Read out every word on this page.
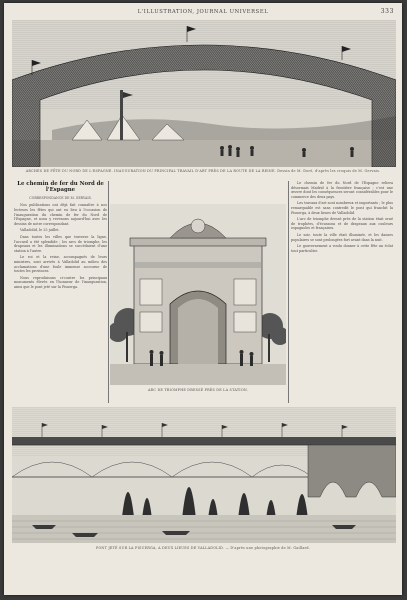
L'ILLUSTRATION, JOURNAL UNIVERSEL	333
ARCHES DE FÊTE DU NORD DE L'ESPAGNE. INAUGURATION DU PRINCIPAL TRAVAIL D'ART PRÈS DE LA ROUTE DE LA REINE. Dessin de M. Doré, d'après les croquis de M. Gervais.
Le chemin de fer du Nord de l'Espagne
CORRESPONDANCE DE M. GERVAIS.

Nos publications ont déjà fait connaître à nos lecteurs les fêtes qui ont eu lieu à l'occasion de l'inauguration du chemin de fer du Nord de l'Espagne, et nous y revenons aujourd'hui avec les dessins de notre correspondant.

Valladolid, le 25 juillet.

Dans toutes les villes que traverse la ligne, l'accueil a été splendide ; les arcs de triomphe, les drapeaux et les illuminations se succédaient d'une station à l'autre.

Le roi et la reine, accompagnés de leurs ministres, sont arrivés à Valladolid au milieu des acclamations d'une foule immense accourue de toutes les provinces.

Nous reproduisons ci-contre les principaux monuments élevés en l'honneur de l'inauguration, ainsi que le pont jeté sur la Pisuerga.

ARC DE TRIOMPHE DRESSÉ PRÈS DE LA STATION.

Le chemin de fer du Nord de l'Espagne reliera désormais Madrid à la frontière française ; c'est une œuvre dont les conséquences seront considérables pour le commerce des deux pays.

Les travaux d'art sont nombreux et importants ; le plus remarquable est sans contredit le pont qui franchit la Pisuerga, à deux lieues de Valladolid.

L'arc de triomphe dressé près de la station était orné de trophées, d'écussons et de drapeaux aux couleurs espagnoles et françaises.

Le soir, toute la ville était illuminée, et les danses populaires se sont prolongées fort avant dans la nuit.

Le gouvernement a voulu donner à cette fête un éclat tout particulier.

PONT JETÉ SUR LA PISUERGA, A DEUX LIEUES DE VALLADOLID. — D'après une photographie de M. Gaillard.
